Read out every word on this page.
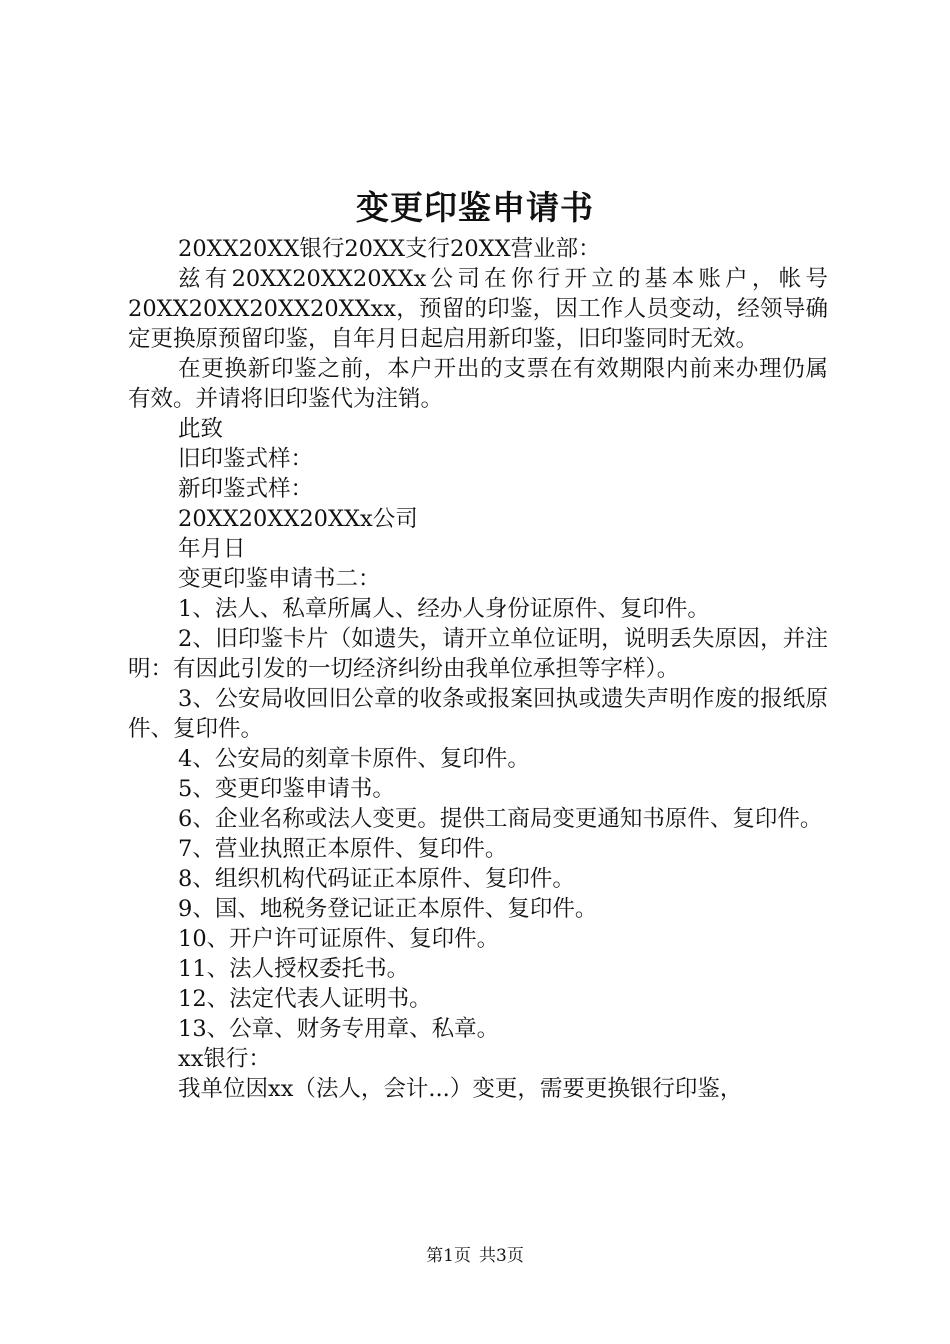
变更印鉴申请书

20XX20XX银行20XX支行20XX营业部：

兹有20XX20XX20XXx公司在你行开立的基本账户，帐号20XX20XX20XX20XXxx，预留的印鉴，因工作人员变动，经领导确定更换原预留印鉴，自年月日起启用新印鉴，旧印鉴同时无效。

在更换新印鉴之前，本户开出的支票在有效期限内前来办理仍属有效。并请将旧印鉴代为注销。

此致

旧印鉴式样：

新印鉴式样：

20XX20XX20XXx公司

年月日

变更印鉴申请书二：

1、法人、私章所属人、经办人身份证原件、复印件。

2、旧印鉴卡片（如遗失，请开立单位证明，说明丢失原因，并注明：有因此引发的一切经济纠纷由我单位承担等字样）。

3、公安局收回旧公章的收条或报案回执或遗失声明作废的报纸原件、复印件。

4、公安局的刻章卡原件、复印件。

5、变更印鉴申请书。

6、企业名称或法人变更。提供工商局变更通知书原件、复印件。

7、营业执照正本原件、复印件。

8、组织机构代码证正本原件、复印件。

9、国、地税务登记证正本原件、复印件。

10、开户许可证原件、复印件。

11、法人授权委托书。

12、法定代表人证明书。

13、公章、财务专用章、私章。

xx银行：

我单位因xx（法人，会计...）变更，需要更换银行印鉴，

第1页 共3页
